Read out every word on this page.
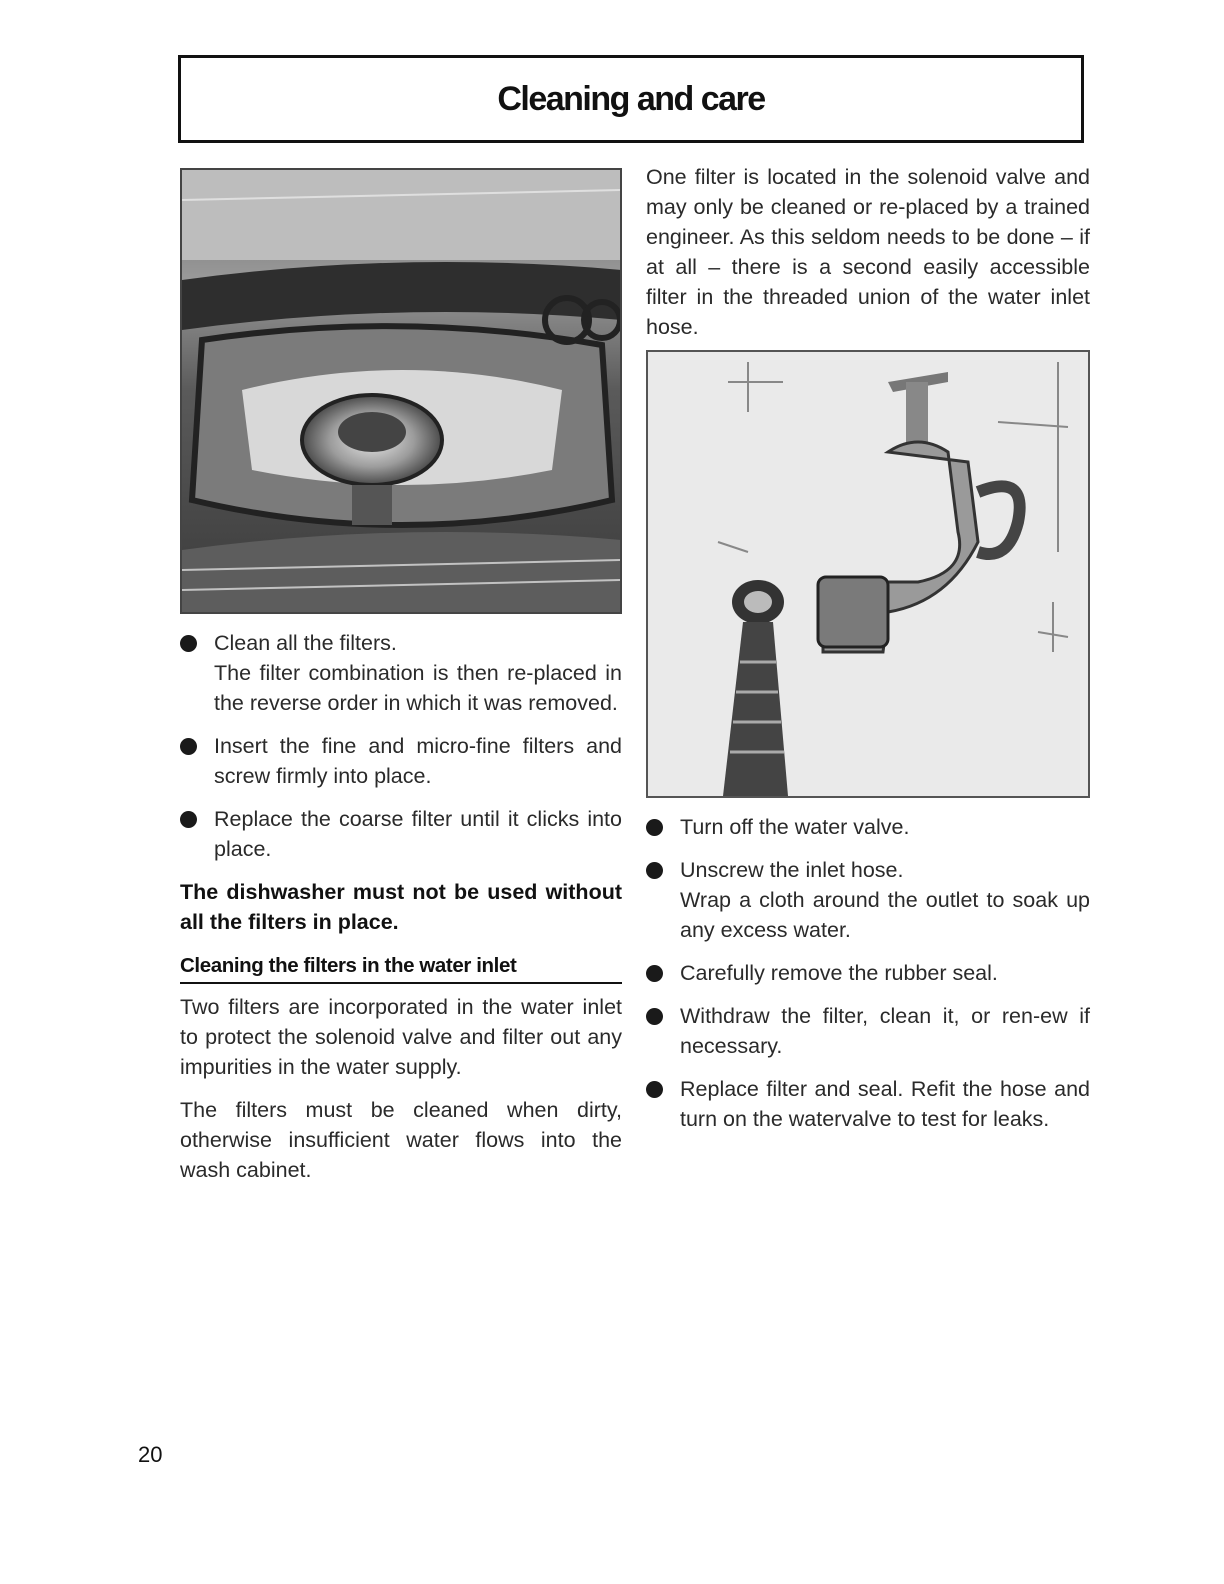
Cleaning and care
Clean all the filters.
The filter combination is then re-placed in the reverse order in which it was removed.
Insert the fine and micro-fine filters and screw firmly into place.
Replace the coarse filter until it clicks into place.

The dishwasher must not be used without all the filters in place.

Cleaning the filters in the water inlet

Two filters are incorporated in the water inlet to protect the solenoid valve and filter out any impurities in the water supply.

The filters must be cleaned when dirty, otherwise insufficient water flows into the wash cabinet.

One filter is located in the solenoid valve and may only be cleaned or re-placed by a trained engineer. As this seldom needs to be done – if at all – there is a second easily accessible filter in the threaded union of the water inlet hose.

Turn off the water valve.
Unscrew the inlet hose.
Wrap a cloth around the outlet to soak up any excess water.
Carefully remove the rubber seal.
Withdraw the filter, clean it, or ren-ew if necessary.
Replace filter and seal. Refit the hose and turn on the watervalve to test for leaks.
20
